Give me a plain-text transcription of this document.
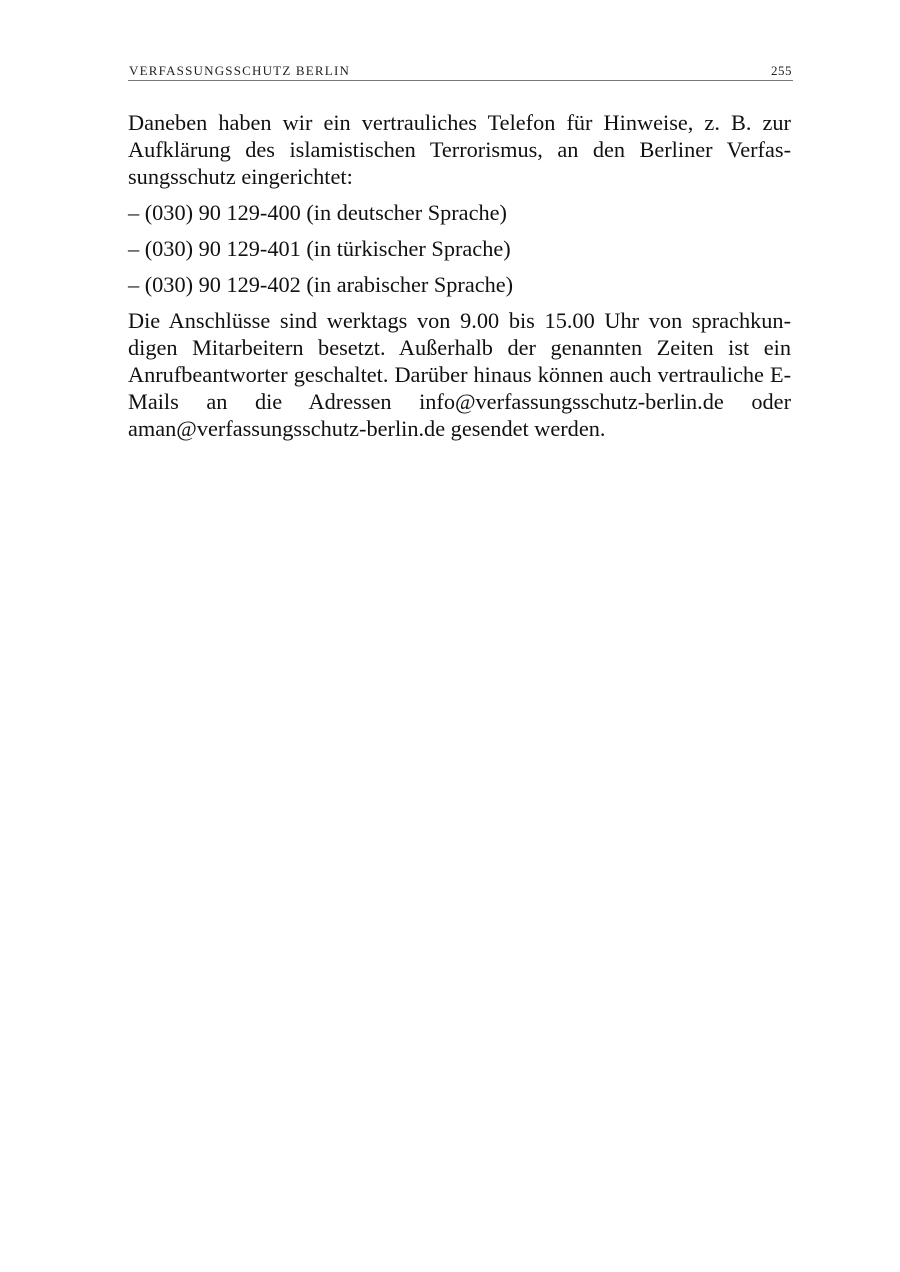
VERFASSUNGSSCHUTZ BERLIN	255

Daneben haben wir ein vertrauliches Telefon für Hinweise, z. B. zur Aufklärung des islamistischen Terrorismus, an den Berliner Verfassungsschutz eingerichtet:

– (030) 90 129-400 (in deutscher Sprache)
– (030) 90 129-401 (in türkischer Sprache)
– (030) 90 129-402 (in arabischer Sprache)

Die Anschlüsse sind werktags von 9.00 bis 15.00 Uhr von sprachkundigen Mitarbeitern besetzt. Außerhalb der genannten Zeiten ist ein Anrufbeantworter geschaltet. Darüber hinaus können auch vertrauliche E-Mails an die Adressen info@verfassungsschutz-berlin.de oder aman@verfassungsschutz-berlin.de gesendet werden.
